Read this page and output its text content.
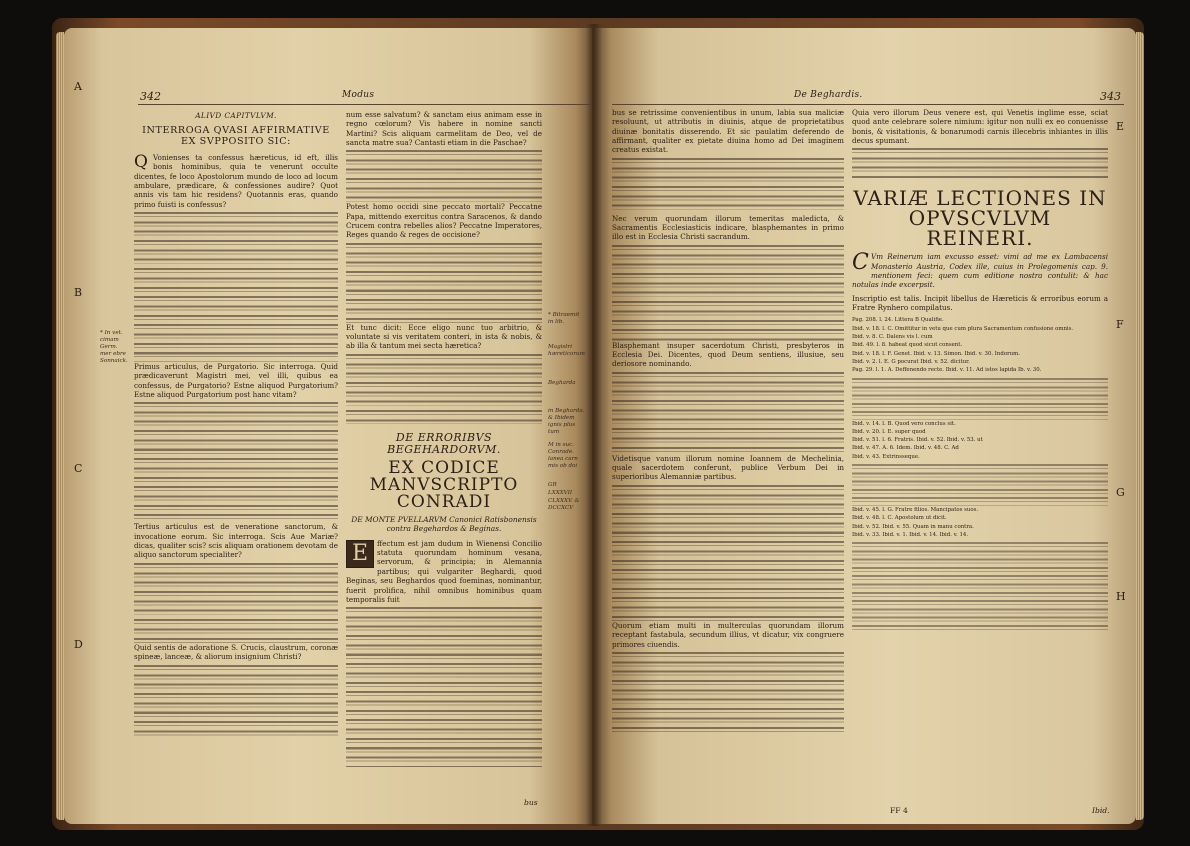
342	Modus
A
B
C
D
* In vet. cimam Germ. mer ebre Sonnaick.
ALIVD CAPITVLVM.
INTERROGA QVASI AFFIRMATIVE EX SVPPOSITO SIC:

Q Vonienses ta confessus hæreticus, id eft, illis bonis hominibus, quia te venerunt occulte dicentes, fe loco Apostolorum mundo de loco ad locum ambulare, prædicare, & confessiones audire? Quot annis vis tam hic residens? Quotannis eras, quando primo fuisti is confessus?

Primus articulus, de Purgatorio. Sic interroga. Quid prædicaverunt Magistri mei, vel illi, quibus ea confessus, de Purgatorio? Estne aliquod Purgatorium? Estne aliquod Purgatorium post hanc vitam?

Tertius articulus est de veneratione sanctorum, & invocatione eorum. Sic interroga. Scis Aue Mariæ? dicas, qualiter scis? scis aliquam orationem devotam de aliquo sanctorum specialiter?

Quid sentis de adoratione S. Crucis, claustrum, coronæ spineæ, lanceæ, & aliorum insignium Christi?

num esse salvatum? & sanctam eius animam esse in regno cœlorum? Vis habere in nomine sancti Martini? Scis aliquam carmelitam de Deo, vel de sancta matre sua? Cantasti etiam in die Paschae?

Potest homo occidi sine peccato mortali? Peccatne Papa, mittendo exercitus contra Saracenos, & dando Crucem contra rebelles alios? Peccatne Imperatores, Reges quando & reges de occisione?

Et tunc dicit: Ecce eligo nunc tuo arbitrio, & voluntate si vis veritatem conteri, in ista & nobis, & ab illa & tantum mei secta hæretica?

DE ERRORIBVS BEGEHARDORVM.
EX CODICE MANVSCRIPTO CONRADI
DE MONTE PVELLARVM Canonici Ratisbonensis contra Begehardos & Beginas.

E	ffectum est jam dudum in Wienensi Concilio statuta quorundam hominum vesana, servorum, & principia; in Alemannia partibus; qui vulgariter Beghardi, quod Beginas, seu Beghardos quod foeminas, nominantur, fuerit prolifica, nihil omnibus hominibus quam temporalis fuit

bus
* Bitraemit in lib.
Magistri hæreticorum
Begharda
in Begharda. & Ibidem ignis plus tum
M in suc. Conrade. lanea carn mis ob doi
GR
LXXXVII
CLXXXV. & DCCXCV
De Beghardis.	343
E
F
G
H

bus se retrissime convenientibus in unum, labia sua maliciæ resoluunt, ut attributis in diuinis, atque de proprietatibus diuinæ bonitatis disserendo. Et sic paulatim deferendo de affirmant, qualiter ex pietate diuina homo ad Dei imaginem creatus existat.

Nec verum quorundam illorum temeritas maledicta, & Sacramentis Ecclesiasticis indicare, blasphemantes in primo illo est in Ecclesia Christi sacrandum.

Blasphemant insuper sacerdotum Christi, presbyteros in Ecclesia Dei. Dicentes, quod Deum sentiens, illusiue, seu deriosore nominando.

Videtisque vanum illorum nomine Ioannem de Mechelinia, quale sacerdotem conferunt, publice Verbum Dei in superioribus Alemanniæ partibus.

Quorum etiam multi in multerculas quorundam illorum receptant fastabula, secundum illius, vt dicatur, vix congruere primores ciuendis.

Quia vero illorum Deus venere est, qui Venetis inglime esse, sciat quod ante celebrare solere nimium: igitur non nulli ex eo conuenisse bonis, & visitationis, & bonarumodi carnis illecebris inhiantes in illis decus spumant.

VARIÆ LECTIONES IN OPVSCVLVM REINERI.

C Vm Reinerum iam excusso esset: vimi ad me ex Lambacensi Monasterio Austria, Codex ille, cuius in Prolegomenis cap. 9. mentionem feci: quem cum editione nostra contulit: & hac notulas inde excerpsit.

Inscriptio est talis. Incipit libellus de Hæreticis & erroribus eorum a Fratre Rynhero compilatus.

Pag. 208. l. 24. Littera B Qualifie.
Ibid. v. 18. l. C. Omittitur in vetu que cum plura Sacramentum confusione omnis.
Ibid. v. 8. C. Dalens vis l. cum
Ibid. 49. l. 8. habeat quod sicut consent.
Ibid. v. 18. l. F. Genet. Ibid. v. 13. Simon. Ibid. v. 30. Indorum.
Ibid. v. 2. l. E. G pocurat Ibid. v. 52. dicitur.
Pag. 29. l. 1. A. Deffenendo recte. Ibid. v. 11. Ad istos lapida Ib. v. 30.
Ibid. v. 14. l. B. Quod vero conclus sit.
Ibid. v. 20. l. E. super quod
Ibid. v. 51. l. 6. Fratris. Ibid. v. 52. Ibid. v. 53. ut
Ibid. v. 47. A. 6. Idem. Ibid. v. 48. C. Ad
Ibid. v. 43. Extrinsseque.
Ibid. v. 45. l. G. Fratre filios. Mancipatos suos.
Ibid. v. 48. l. C. Apostolum ut dicit.
Ibid. v. 52. Ibid. v. 55. Quam in manu contra.
Ibid. v. 33. Ibid. v. 1. Ibid. v. 14. Ibid. v. 14.
FF 4	Ibid.
